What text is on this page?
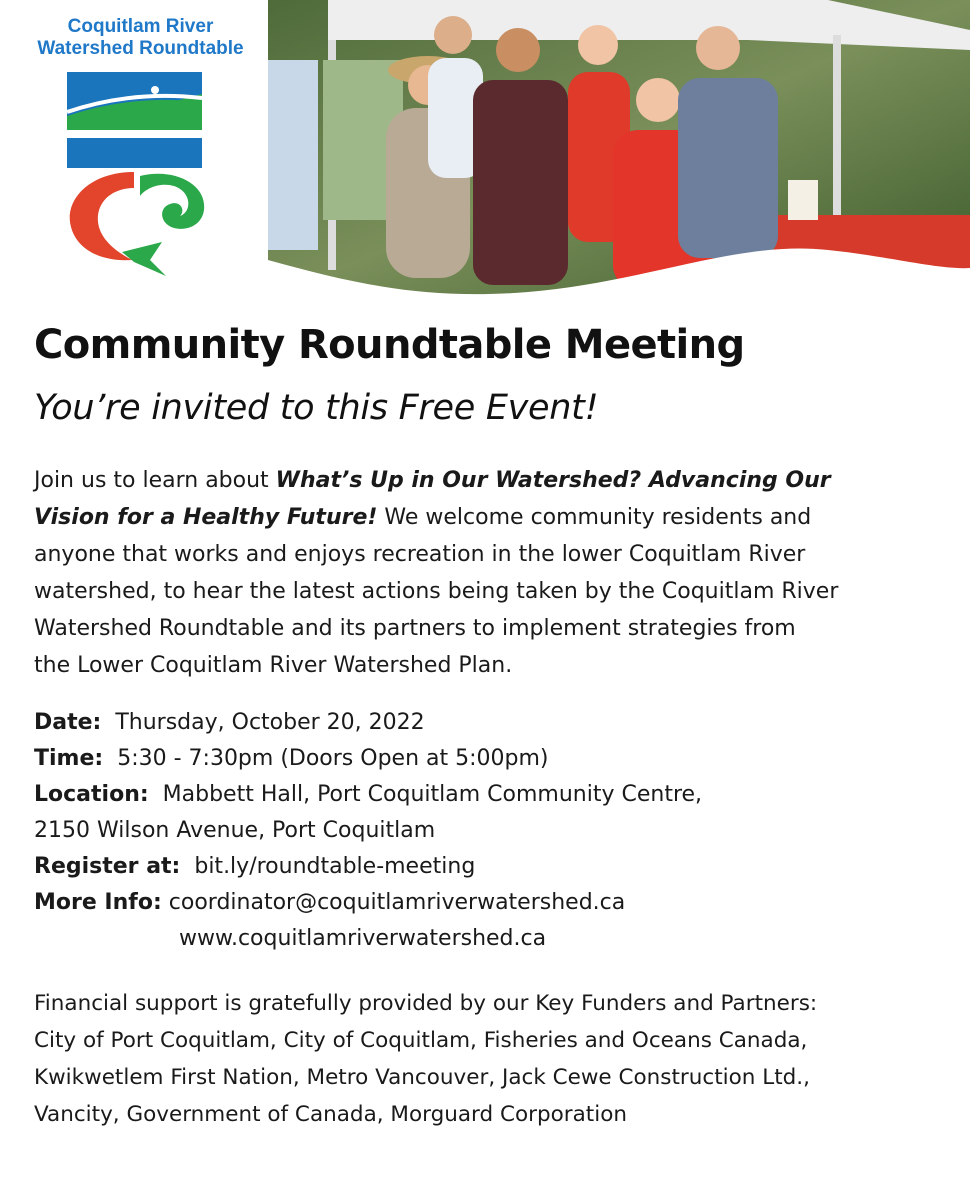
Coquitlam River
Watershed Roundtable
Community Roundtable Meeting
You’re invited to this Free Event!
Join us to learn about What’s Up in Our Watershed? Advancing Our
Vision for a Healthy Future! We welcome community residents and
anyone that works and enjoys recreation in the lower Coquitlam River
watershed, to hear the latest actions being taken by the Coquitlam River
Watershed Roundtable and its partners to implement strategies from
the Lower Coquitlam River Watershed Plan.
Date: Thursday, October 20, 2022
Time: 5:30 - 7:30pm (Doors Open at 5:00pm)
Location: Mabbett Hall, Port Coquitlam Community Centre,
2150 Wilson Avenue, Port Coquitlam
Register at: bit.ly/roundtable-meeting
More Info: coordinator@coquitlamriverwatershed.ca
www.coquitlamriverwatershed.ca
Financial support is gratefully provided by our Key Funders and Partners:
City of Port Coquitlam, City of Coquitlam, Fisheries and Oceans Canada,
Kwikwetlem First Nation, Metro Vancouver, Jack Cewe Construction Ltd.,
Vancity, Government of Canada, Morguard Corporation
